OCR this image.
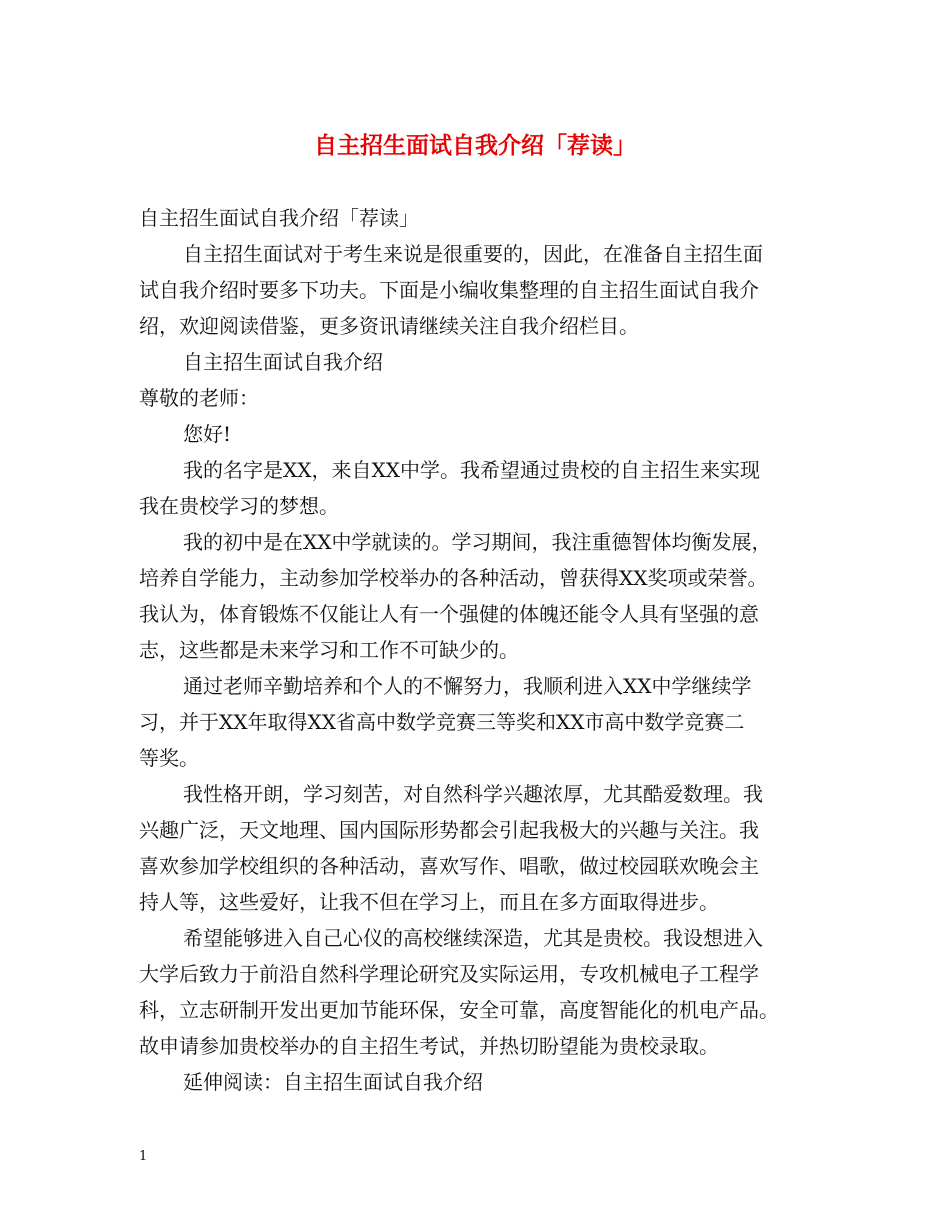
自主招生面试自我介绍「荐读」

自主招生面试自我介绍「荐读」

自主招生面试对于考生来说是很重要的，因此，在准备自主招生面

试自我介绍时要多下功夫。下面是小编收集整理的自主招生面试自我介

绍，欢迎阅读借鉴，更多资讯请继续关注自我介绍栏目。

自主招生面试自我介绍

尊敬的老师：

您好!

我的名字是XX，来自XX中学。我希望通过贵校的自主招生来实现

我在贵校学习的梦想。

我的初中是在XX中学就读的。学习期间，我注重德智体均衡发展，

培养自学能力，主动参加学校举办的各种活动，曾获得XX奖项或荣誉。

我认为，体育锻炼不仅能让人有一个强健的体魄还能令人具有坚强的意

志，这些都是未来学习和工作不可缺少的。

通过老师辛勤培养和个人的不懈努力，我顺利进入XX中学继续学

习，并于XX年取得XX省高中数学竞赛三等奖和XX市高中数学竞赛二

等奖。

我性格开朗，学习刻苦，对自然科学兴趣浓厚，尤其酷爱数理。我

兴趣广泛，天文地理、国内国际形势都会引起我极大的兴趣与关注。我

喜欢参加学校组织的各种活动，喜欢写作、唱歌，做过校园联欢晚会主

持人等，这些爱好，让我不但在学习上，而且在多方面取得进步。

希望能够进入自己心仪的高校继续深造，尤其是贵校。我设想进入

大学后致力于前沿自然科学理论研究及实际运用，专攻机械电子工程学

科，立志研制开发出更加节能环保，安全可靠，高度智能化的机电产品。

故申请参加贵校举办的自主招生考试，并热切盼望能为贵校录取。

延伸阅读：自主招生面试自我介绍

1
